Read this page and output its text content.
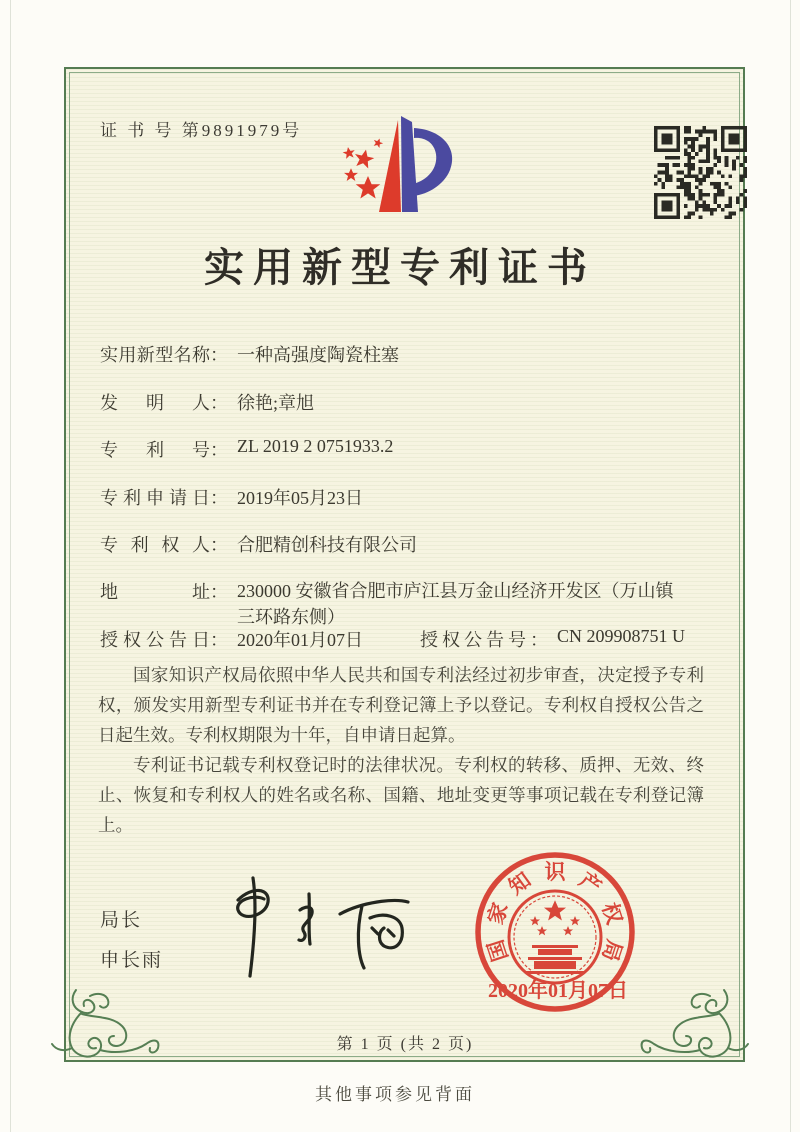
证 书 号 第9891979号
实用新型专利证书
实用新型名称： 一种高强度陶瓷柱塞
发明人： 徐艳;章旭
专利号： ZL 2019 2 0751933.2
专利申请日： 2019年05月23日
专利权人： 合肥精创科技有限公司
地址： 230000 安徽省合肥市庐江县万金山经济开发区（万山镇
三环路东侧）
授权公告日： 2020年01月07日	授权公告号： CN 209908751 U

国家知识产权局依照中华人民共和国专利法经过初步审查，决定授予专利权，颁发实用新型专利证书并在专利登记簿上予以登记。专利权自授权公告之日起生效。专利权期限为十年，自申请日起算。

专利证书记载专利权登记时的法律状况。专利权的转移、质押、无效、终止、恢复和专利权人的姓名或名称、国籍、地址变更等事项记载在专利登记簿上。

局长
申长雨	国
家
知 识 产
权
局
2020年01月07日
第 1 页 (共 2 页)
其他事项参见背面
